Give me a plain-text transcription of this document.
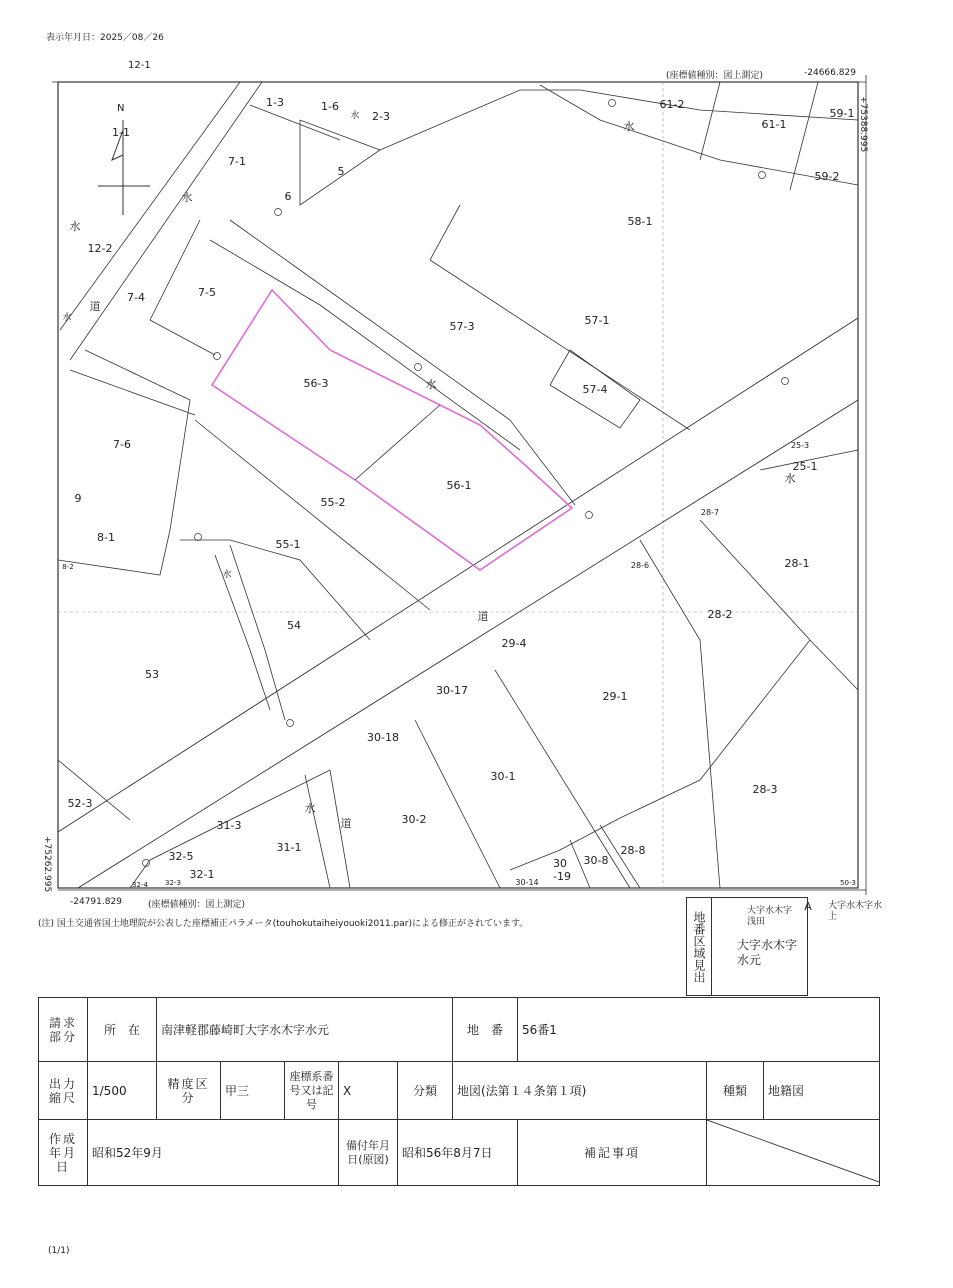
表示年月日：2025／08／26
12-1
(座標値種別：図上測定)	-24666.829
+75388.995
1-3	1-6
2-3
5
6
7-1
7-4	7-5
7-6
8-1
8-2
9
12-2
53
54
55-1
55-2
56-1
56-3
57-1
57-3
57-4
58-1
59-1
59-2
61-1
61-2
25-1
25-3
28-1
28-2
28-3
28-6
28-7
28-8
29-1
29-4
30-1
30-2
30-8
30
-19
30-14
30-17
30-18
31-1
31-3
32-1
32-5
32-3
32-4
52-3
50-3
1-1
水
水
水
水
水
水
水
水
水
道
道
道
A
-24791.829	(座標値種別：図上測定)
+75262.995
N
(注) 国土交通省国土地理院が公表した座標補正パラメータ(touhokutaiheiyouoki2011.par)による修正がされています。	地番区域見出	大字水木字浅田
大字水木字水元
大字水木字水上
請求部分	所　在	南津軽郡藤崎町大字水木字水元					地　番	56番1		
出力縮尺	1/500	精度区分	甲三	座標系番号又は記号	X	分類	地図(法第１４条第１項)		種類	地籍図
作成年月日	昭和52年9月				備付年月日(原図)	昭和56年8月7日		補記事項	
(1/1)
